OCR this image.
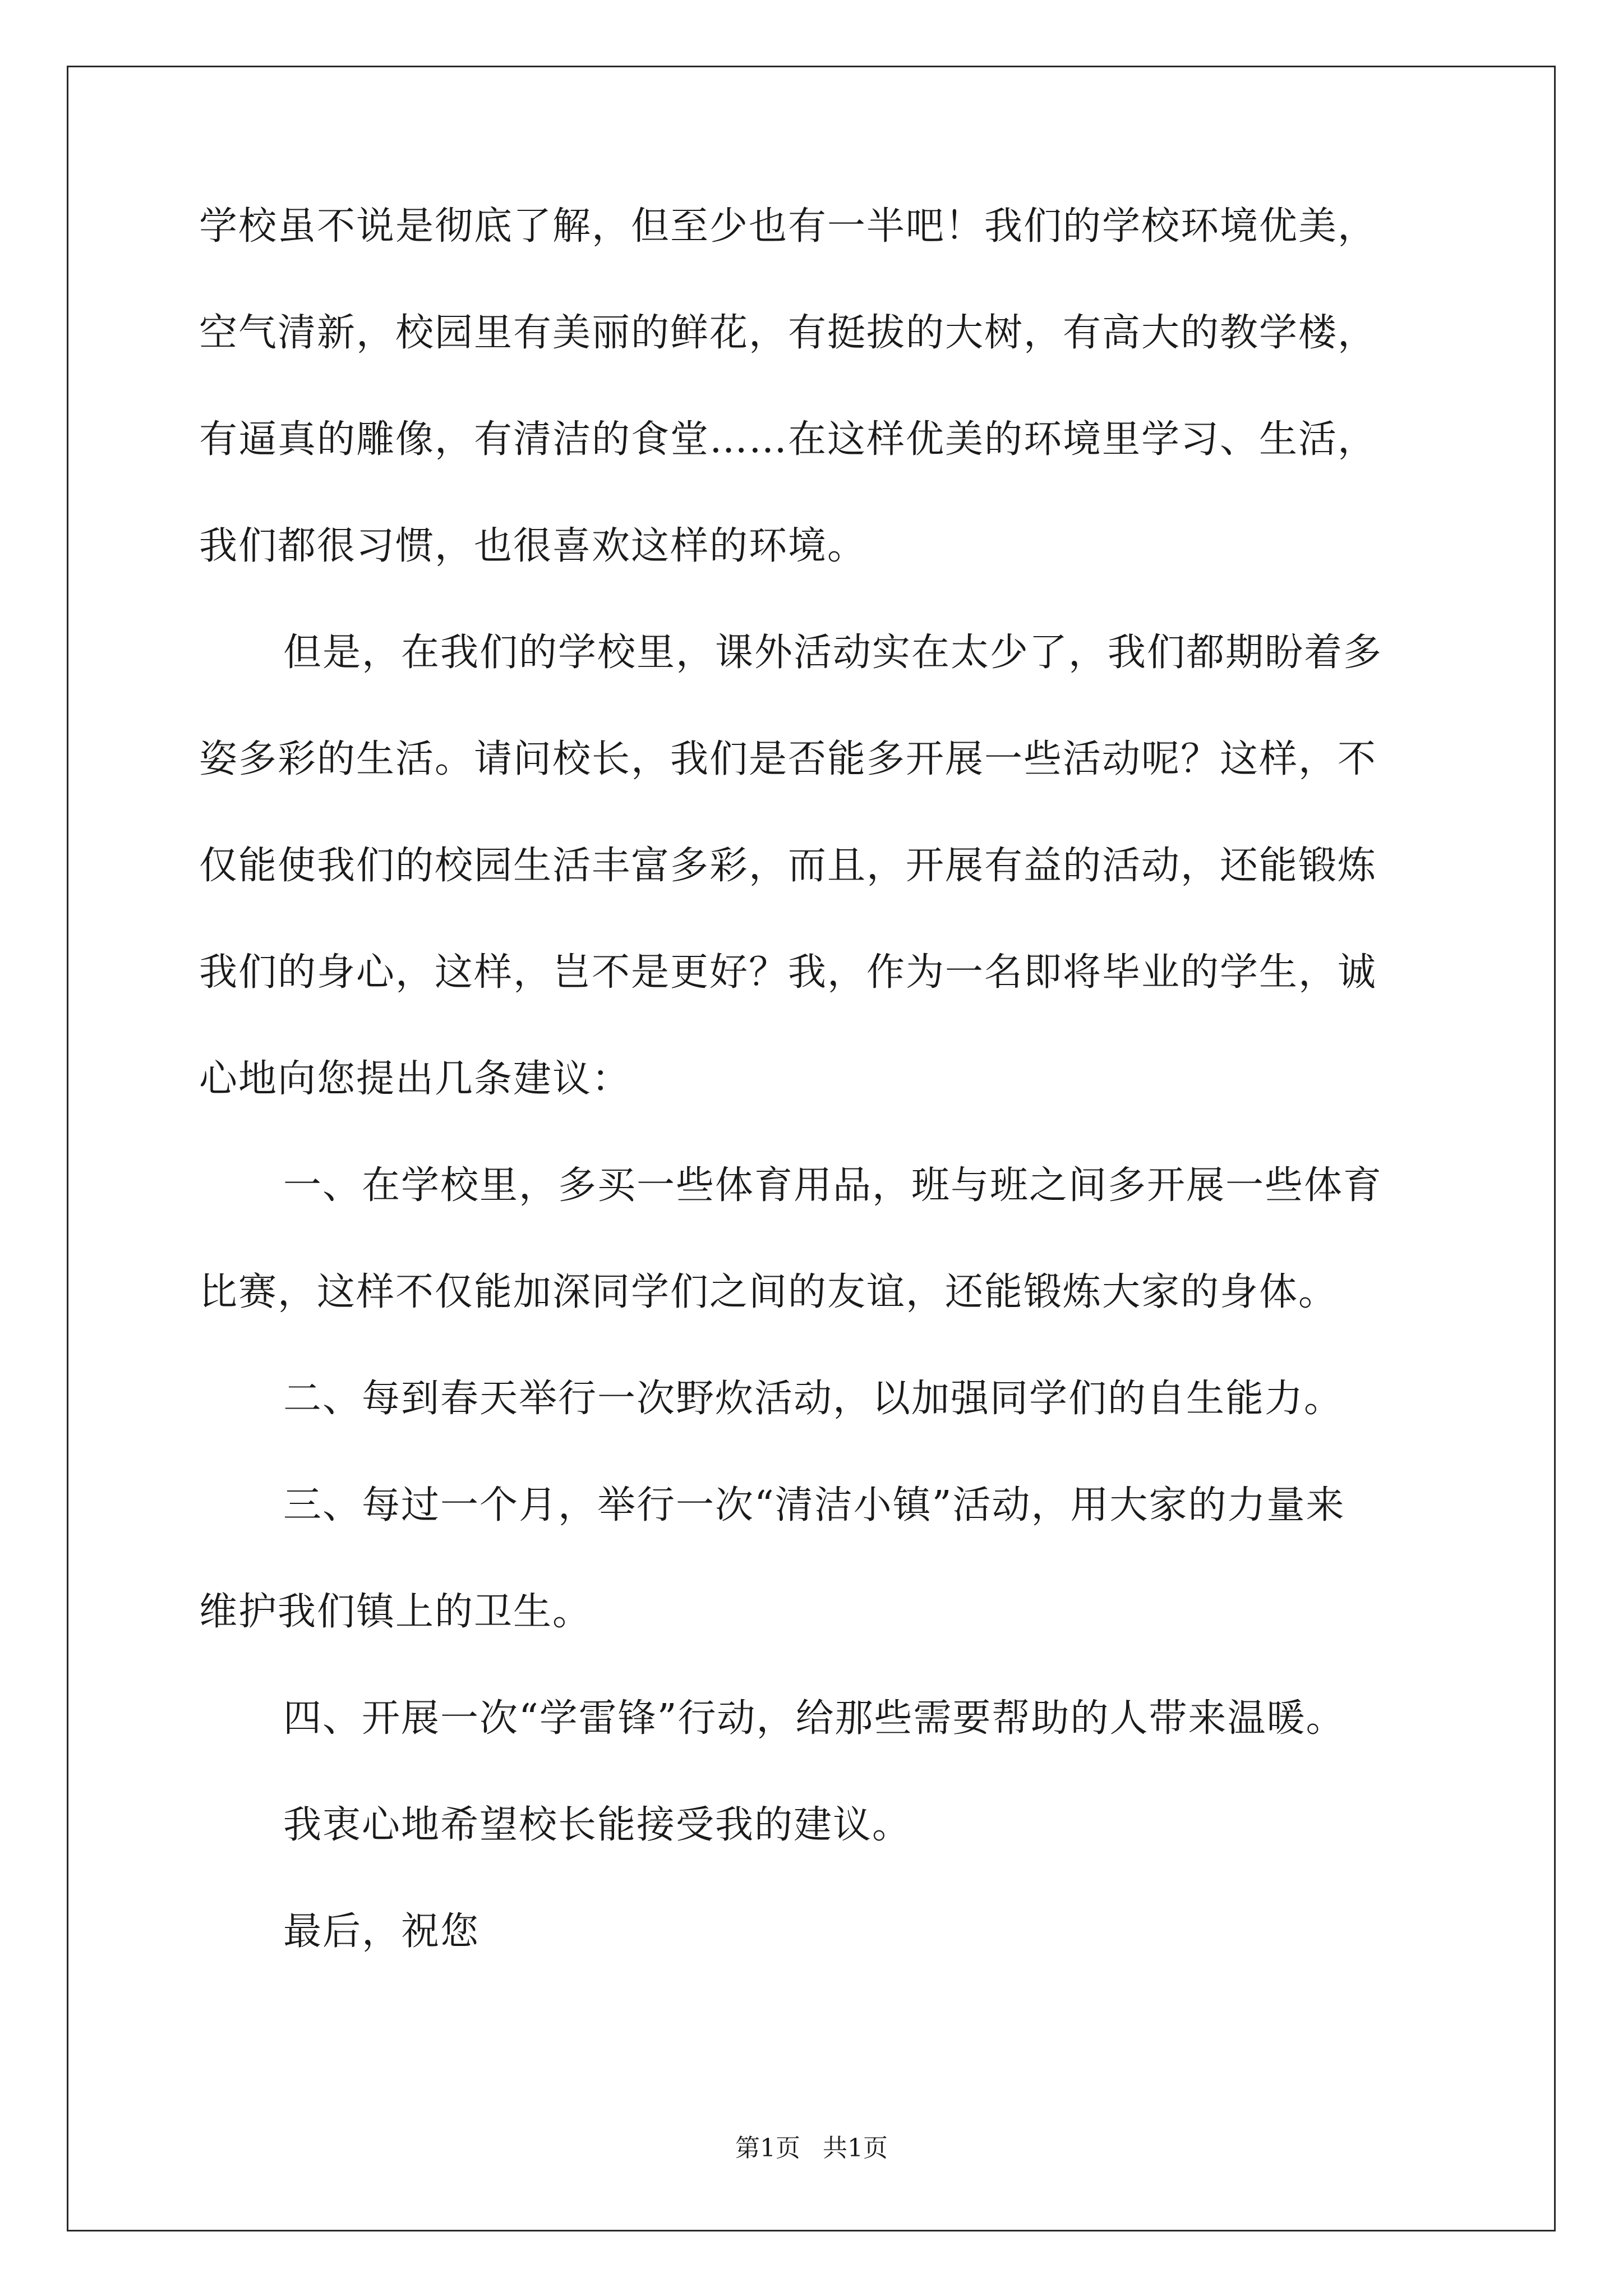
学校虽不说是彻底了解，但至少也有一半吧！我们的学校环境优美，
空气清新，校园里有美丽的鲜花，有挺拔的大树，有高大的教学楼，
有逼真的雕像，有清洁的食堂……在这样优美的环境里学习、生活，
我们都很习惯，也很喜欢这样的环境。
但是，在我们的学校里，课外活动实在太少了，我们都期盼着多
姿多彩的生活。请问校长，我们是否能多开展一些活动呢？这样，不
仅能使我们的校园生活丰富多彩，而且，开展有益的活动，还能锻炼
我们的身心，这样，岂不是更好？我，作为一名即将毕业的学生，诚
心地向您提出几条建议：
一、在学校里，多买一些体育用品，班与班之间多开展一些体育
比赛，这样不仅能加深同学们之间的友谊，还能锻炼大家的身体。
二、每到春天举行一次野炊活动，以加强同学们的自生能力。
三、每过一个月，举行一次“清洁小镇”活动，用大家的力量来
维护我们镇上的卫生。
四、开展一次“学雷锋”行动，给那些需要帮助的人带来温暖。
我衷心地希望校长能接受我的建议。
最后，祝您
第1页 共1页
